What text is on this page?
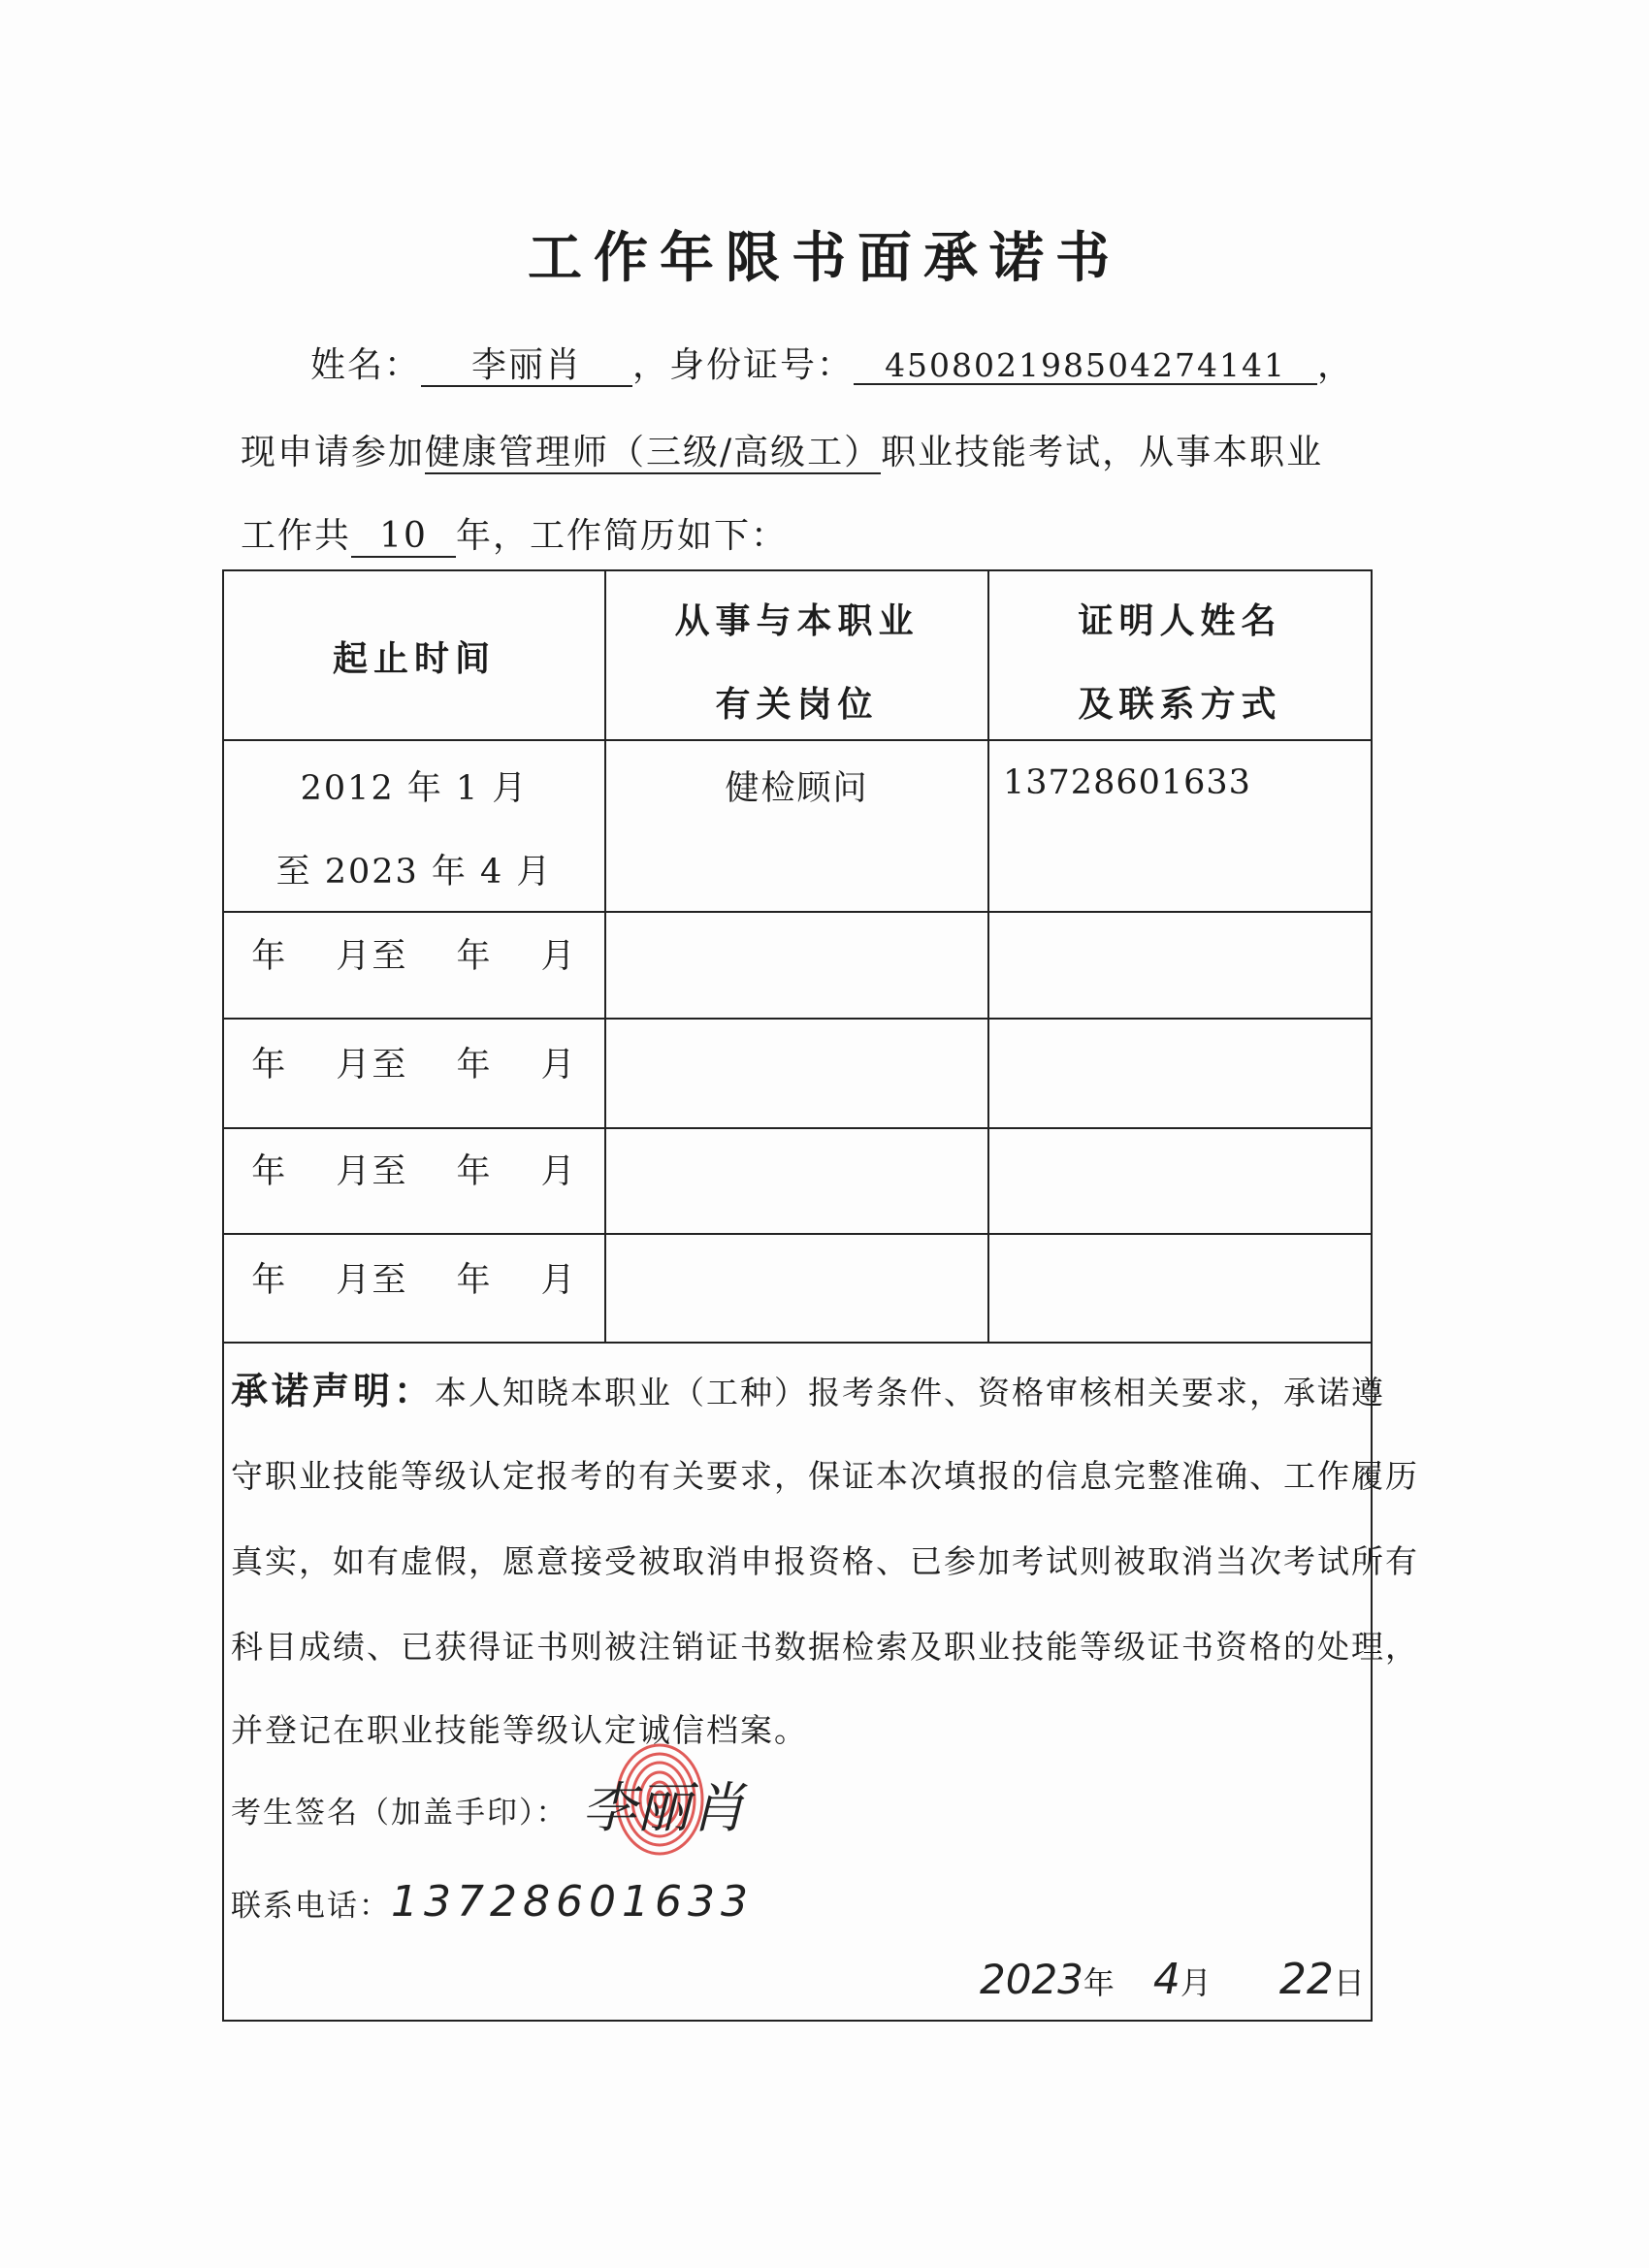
工作年限书面承诺书
姓名： 李丽肖 ，身份证号： 450802198504274141 ，
现申请参加健康管理师（三级/高级工）职业技能考试，从事本职业
工作共 10 年，工作简历如下：
起止时间
从事与本职业
有关岗位
证明人姓名
及联系方式
2012 年 1 月
至 2023 年 4 月
健检顾问	13728601633
年　 月至　 年　 月
年　 月至　 年　 月
年　 月至　 年　 月
年　 月至　 年　 月
承诺声明：本人知晓本职业（工种）报考条件、资格审核相关要求，承诺遵
守职业技能等级认定报考的有关要求，保证本次填报的信息完整准确、工作履历
真实，如有虚假，愿意接受被取消申报资格、已参加考试则被取消当次考试所有
科目成绩、已获得证书则被注销证书数据检索及职业技能等级证书资格的处理，
并登记在职业技能等级认定诚信档案。
考生签名（加盖手印）： 李丽肖
联系电话：13728601633
2023年 4月 22日
